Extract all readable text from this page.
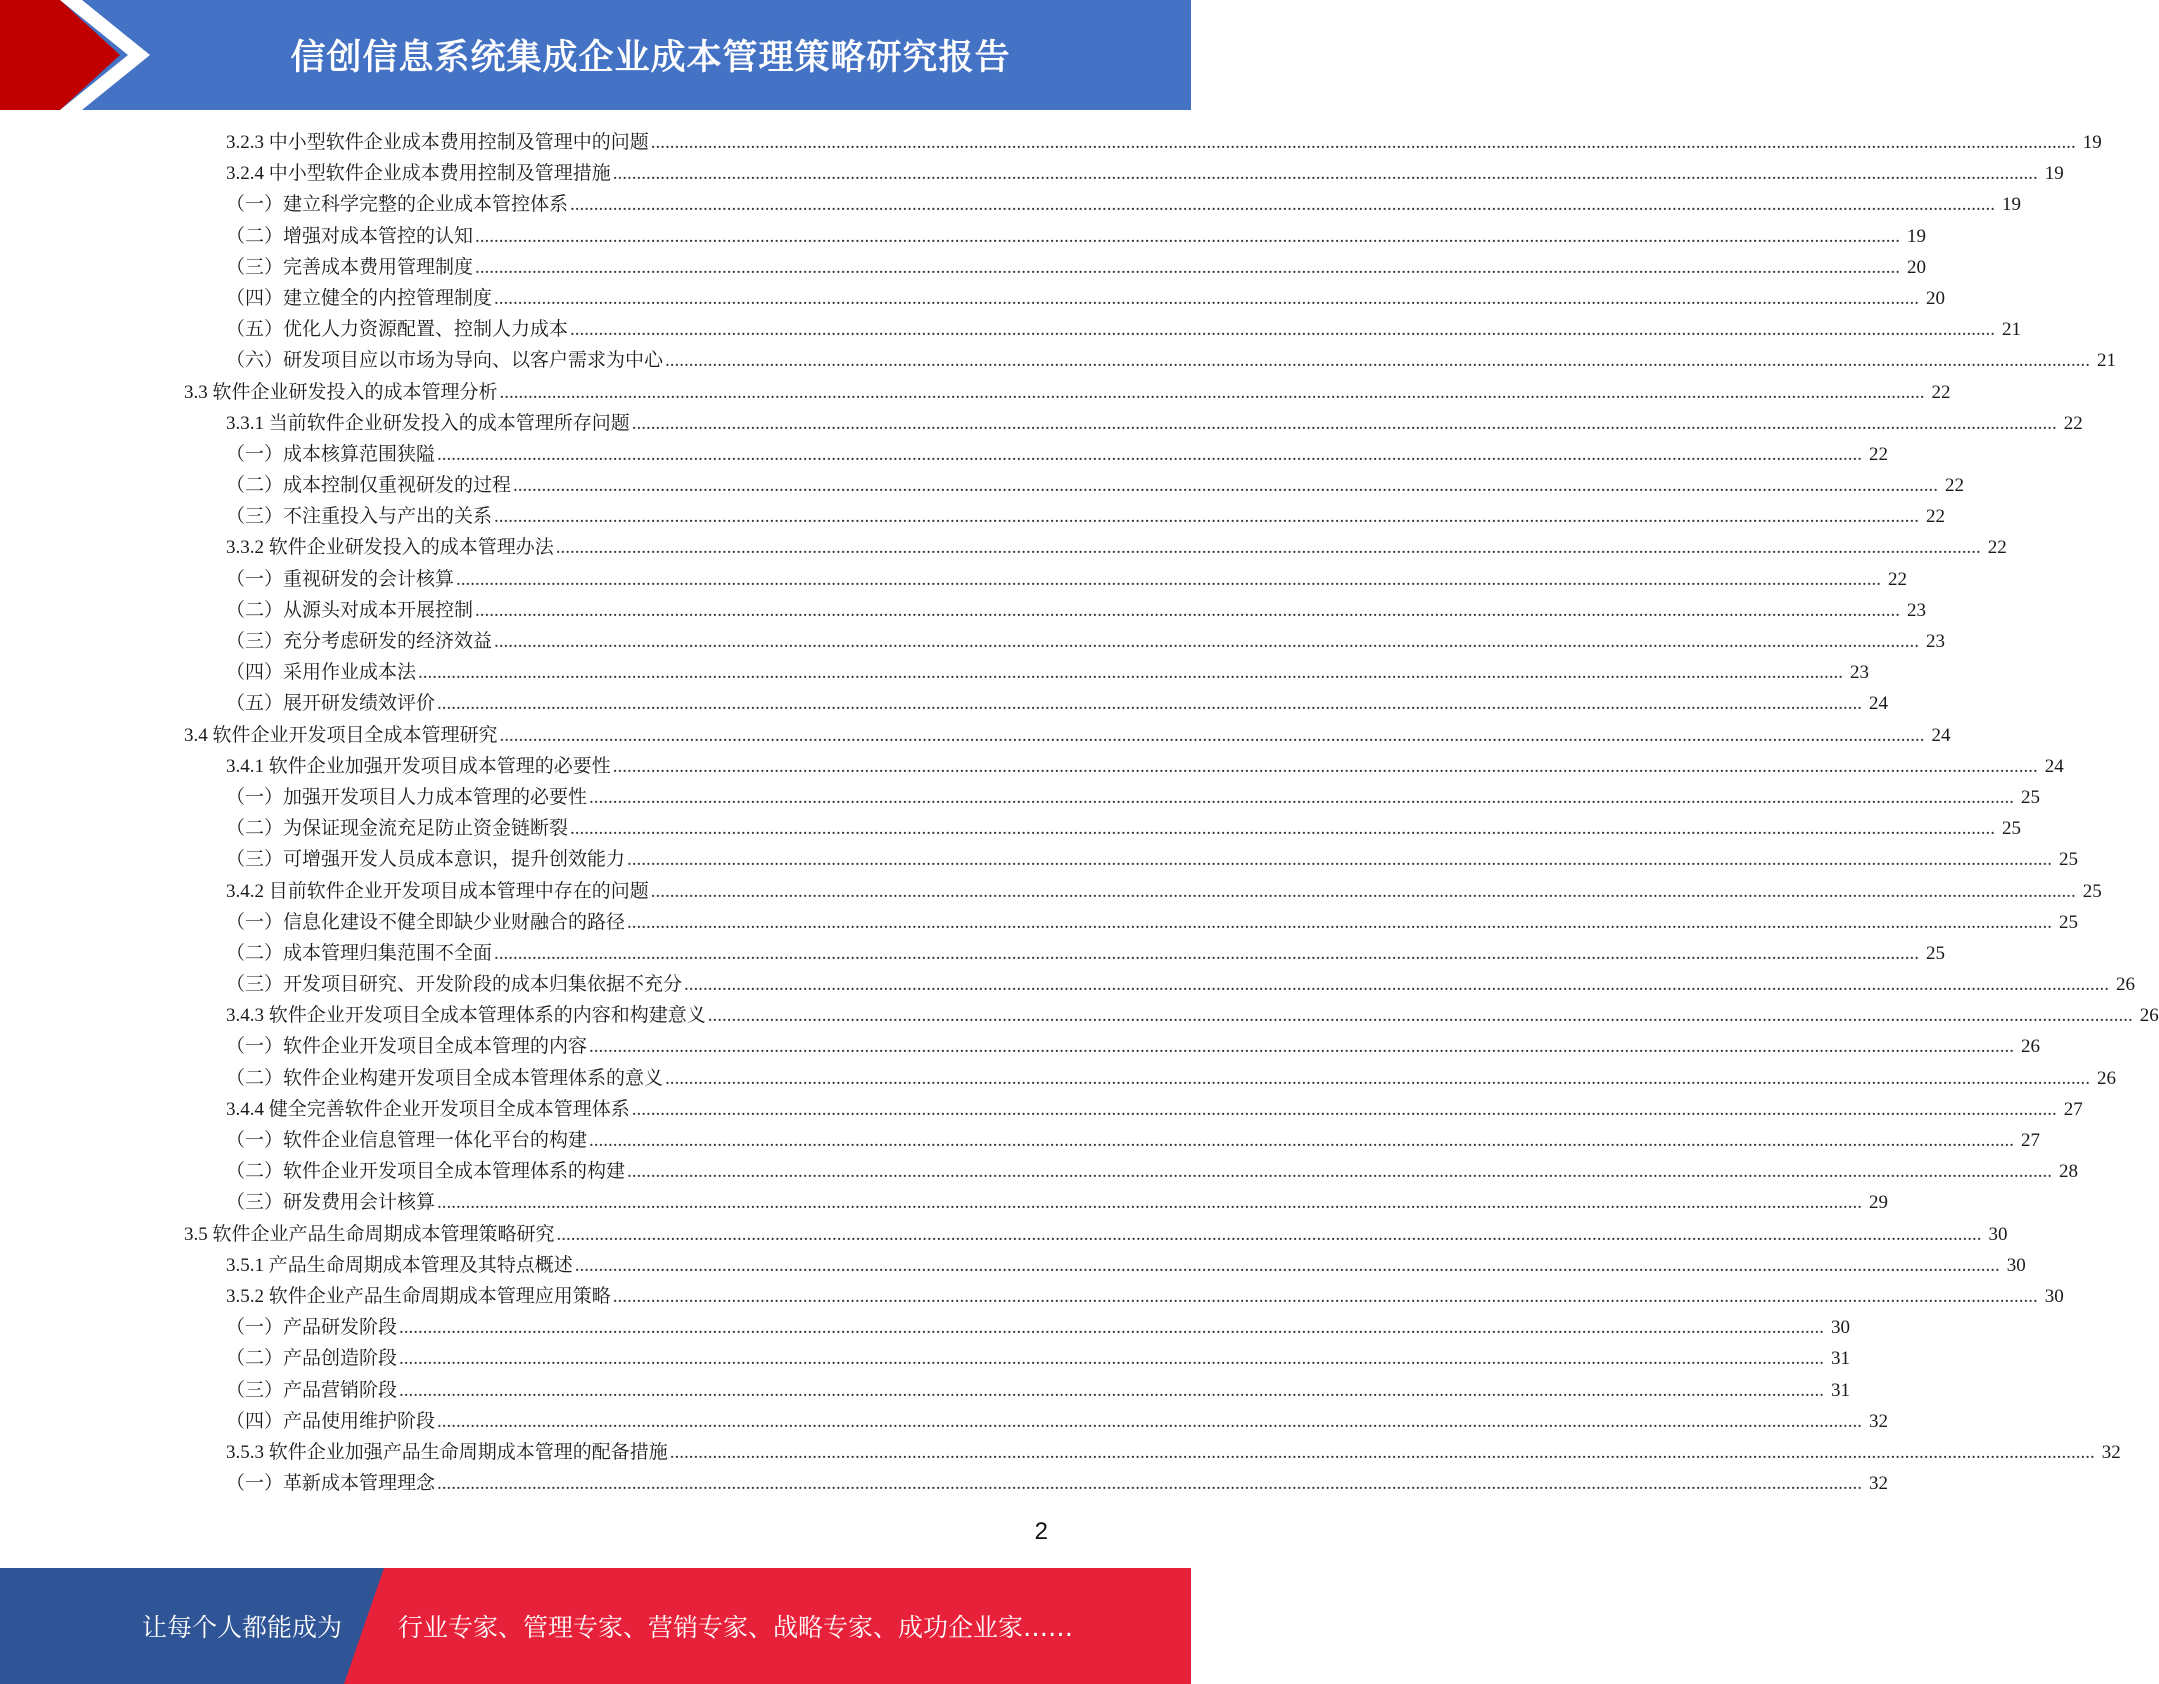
信创信息系统集成企业成本管理策略研究报告
3.2.3 中小型软件企业成本费用控制及管理中的问题 ............................................................................................................................................................................................................................................................................................................ 19
3.2.4 中小型软件企业成本费用控制及管理措施 ............................................................................................................................................................................................................................................................................................................ 19
（一）建立科学完整的企业成本管控体系 ............................................................................................................................................................................................................................................................................................................ 19
（二）增强对成本管控的认知 ............................................................................................................................................................................................................................................................................................................ 19
（三）完善成本费用管理制度 ............................................................................................................................................................................................................................................................................................................ 20
（四）建立健全的内控管理制度 ............................................................................................................................................................................................................................................................................................................ 20
（五）优化人力资源配置、控制人力成本 ............................................................................................................................................................................................................................................................................................................ 21
（六）研发项目应以市场为导向、以客户需求为中心 ............................................................................................................................................................................................................................................................................................................ 21
3.3 软件企业研发投入的成本管理分析 ............................................................................................................................................................................................................................................................................................................ 22
3.3.1 当前软件企业研发投入的成本管理所存问题 ............................................................................................................................................................................................................................................................................................................ 22
（一）成本核算范围狭隘 ............................................................................................................................................................................................................................................................................................................ 22
（二）成本控制仅重视研发的过程 ............................................................................................................................................................................................................................................................................................................ 22
（三）不注重投入与产出的关系 ............................................................................................................................................................................................................................................................................................................ 22
3.3.2 软件企业研发投入的成本管理办法 ............................................................................................................................................................................................................................................................................................................ 22
（一）重视研发的会计核算 ............................................................................................................................................................................................................................................................................................................ 22
（二）从源头对成本开展控制 ............................................................................................................................................................................................................................................................................................................ 23
（三）充分考虑研发的经济效益 ............................................................................................................................................................................................................................................................................................................ 23
（四）采用作业成本法 ............................................................................................................................................................................................................................................................................................................ 23
（五）展开研发绩效评价 ............................................................................................................................................................................................................................................................................................................ 24
3.4 软件企业开发项目全成本管理研究 ............................................................................................................................................................................................................................................................................................................ 24
3.4.1 软件企业加强开发项目成本管理的必要性 ............................................................................................................................................................................................................................................................................................................ 24
（一）加强开发项目人力成本管理的必要性 ............................................................................................................................................................................................................................................................................................................ 25
（二）为保证现金流充足防止资金链断裂 ............................................................................................................................................................................................................................................................................................................ 25
（三）可增强开发人员成本意识，提升创效能力 ............................................................................................................................................................................................................................................................................................................ 25
3.4.2 目前软件企业开发项目成本管理中存在的问题 ............................................................................................................................................................................................................................................................................................................ 25
（一）信息化建设不健全即缺少业财融合的路径 ............................................................................................................................................................................................................................................................................................................ 25
（二）成本管理归集范围不全面 ............................................................................................................................................................................................................................................................................................................ 25
（三）开发项目研究、开发阶段的成本归集依据不充分 ............................................................................................................................................................................................................................................................................................................ 26
3.4.3 软件企业开发项目全成本管理体系的内容和构建意义 ............................................................................................................................................................................................................................................................................................................ 26
（一）软件企业开发项目全成本管理的内容 ............................................................................................................................................................................................................................................................................................................ 26
（二）软件企业构建开发项目全成本管理体系的意义 ............................................................................................................................................................................................................................................................................................................ 26
3.4.4 健全完善软件企业开发项目全成本管理体系 ............................................................................................................................................................................................................................................................................................................ 27
（一）软件企业信息管理一体化平台的构建 ............................................................................................................................................................................................................................................................................................................ 27
（二）软件企业开发项目全成本管理体系的构建 ............................................................................................................................................................................................................................................................................................................ 28
（三）研发费用会计核算 ............................................................................................................................................................................................................................................................................................................ 29
3.5 软件企业产品生命周期成本管理策略研究 ............................................................................................................................................................................................................................................................................................................ 30
3.5.1 产品生命周期成本管理及其特点概述 ............................................................................................................................................................................................................................................................................................................ 30
3.5.2 软件企业产品生命周期成本管理应用策略 ............................................................................................................................................................................................................................................................................................................ 30
（一）产品研发阶段 ............................................................................................................................................................................................................................................................................................................ 30
（二）产品创造阶段 ............................................................................................................................................................................................................................................................................................................ 31
（三）产品营销阶段 ............................................................................................................................................................................................................................................................................................................ 31
（四）产品使用维护阶段 ............................................................................................................................................................................................................................................................................................................ 32
3.5.3 软件企业加强产品生命周期成本管理的配备措施 ............................................................................................................................................................................................................................................................................................................ 32
（一）革新成本管理理念 ............................................................................................................................................................................................................................................................................................................ 32
2
让每个人都能成为 行业专家、管理专家、营销专家、战略专家、成功企业家……
